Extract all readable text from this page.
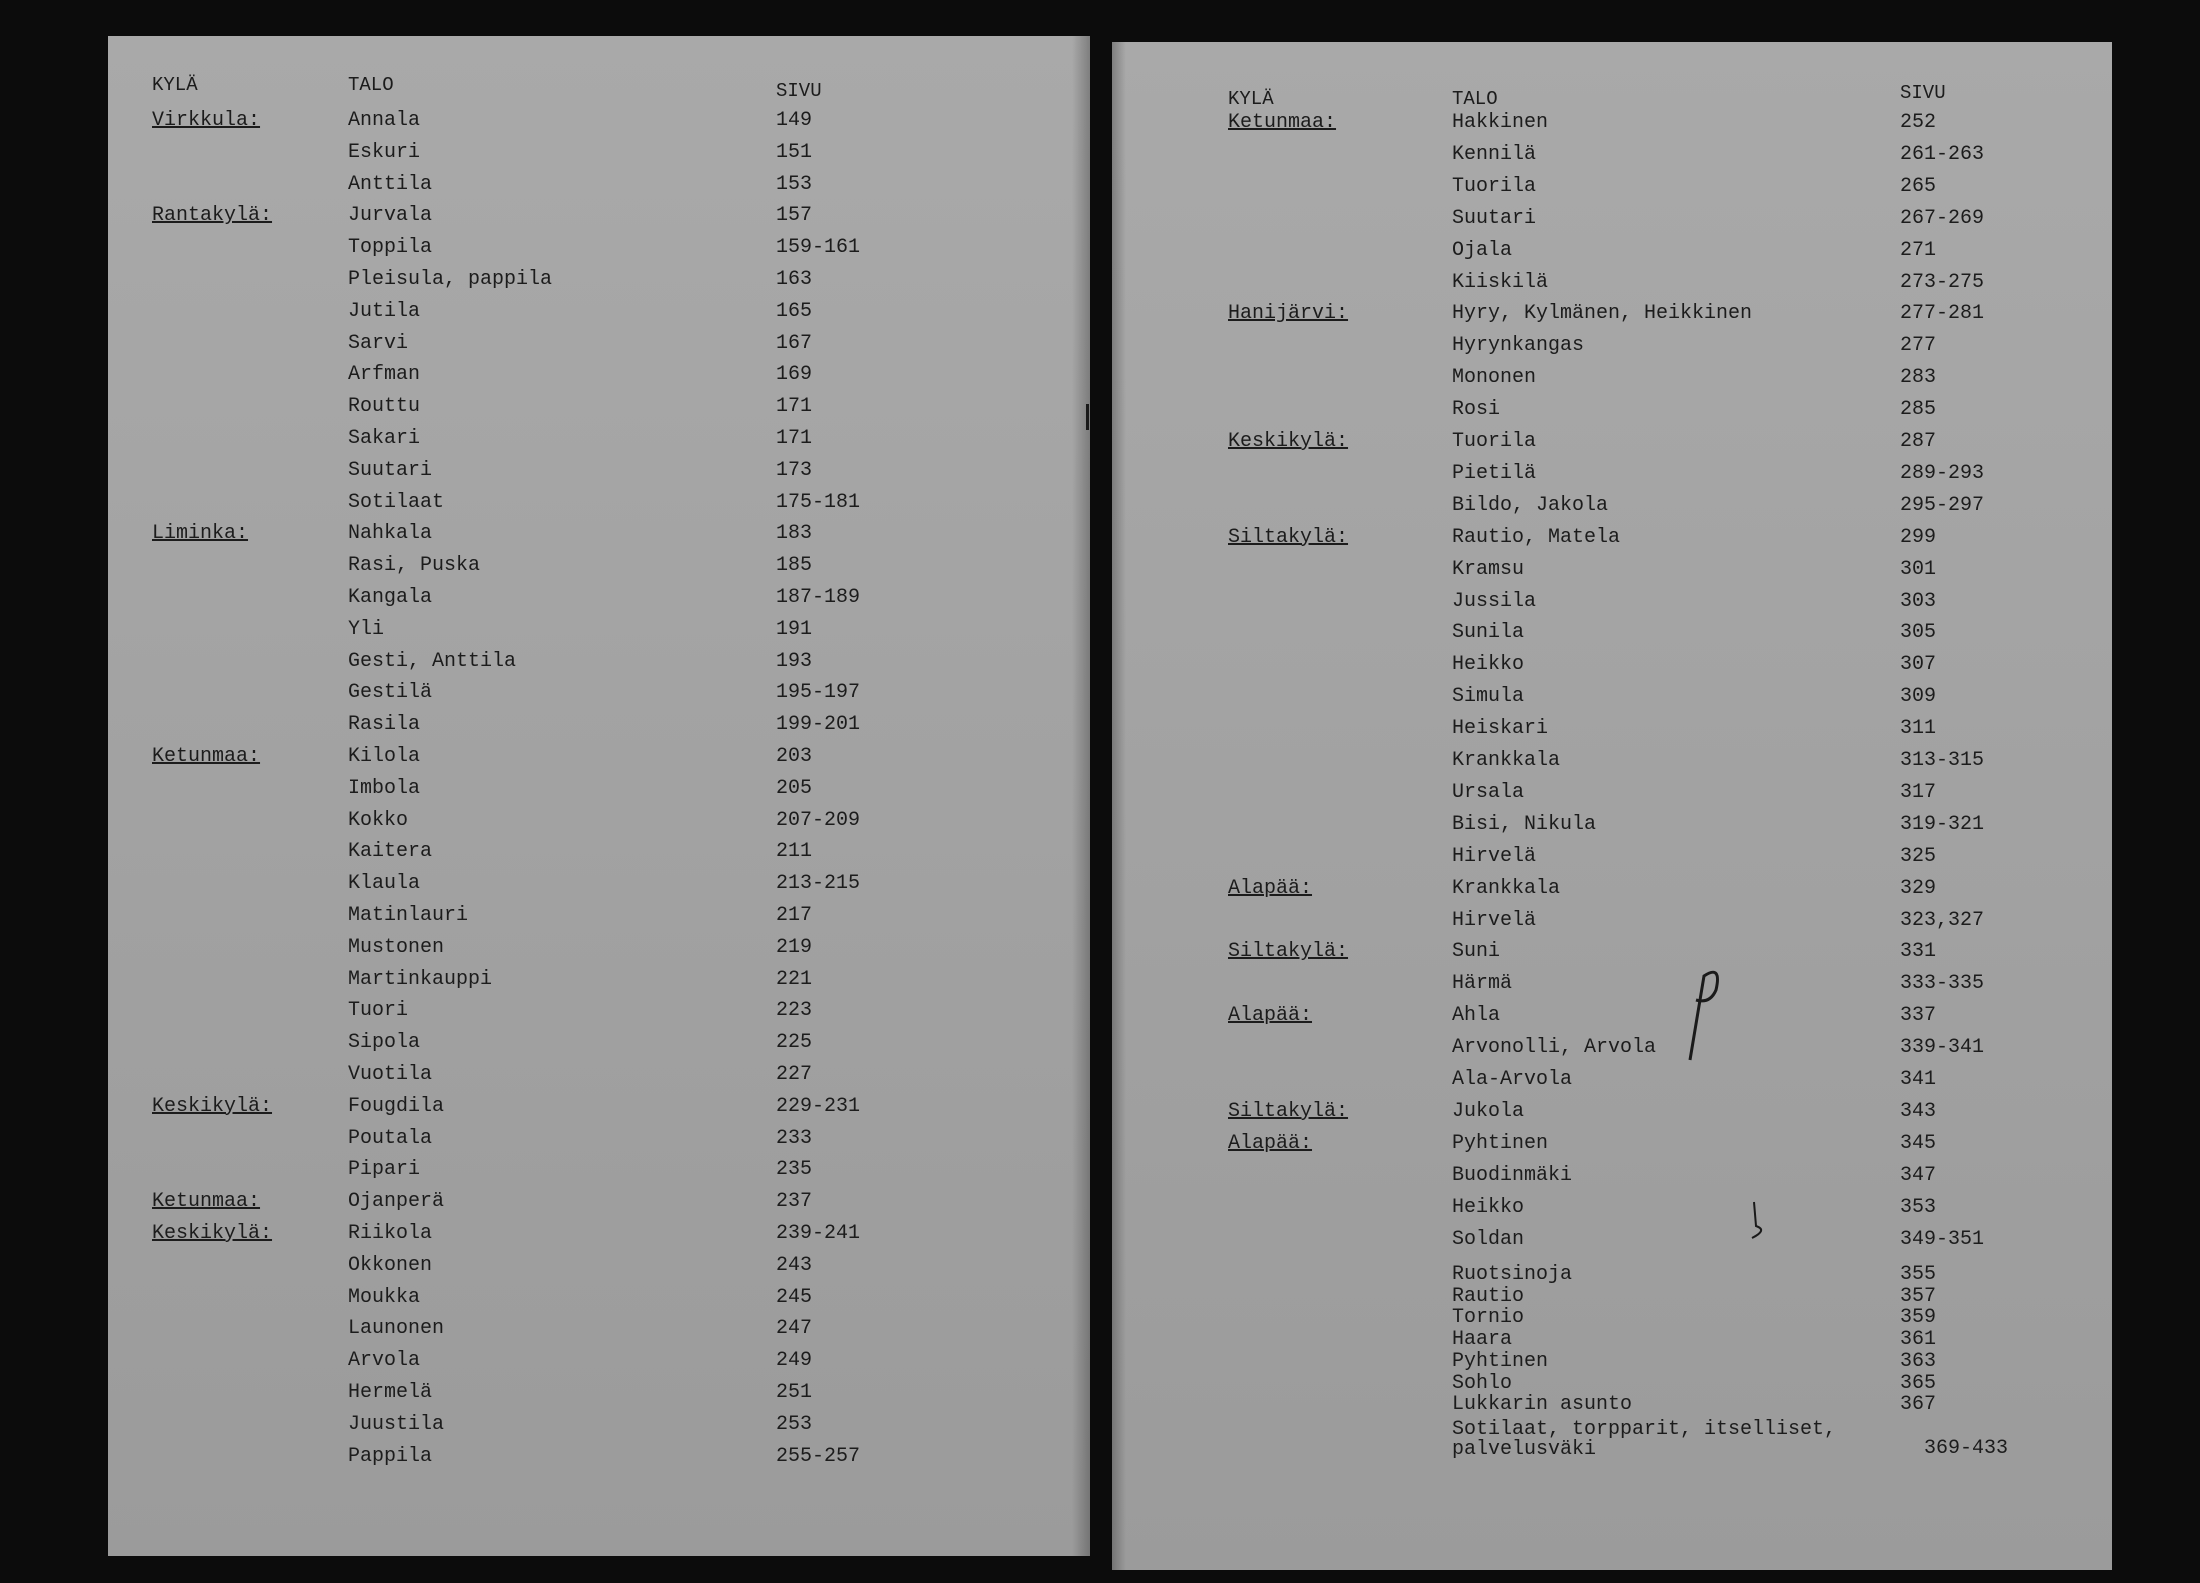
KYLÄ	TALO	SIVU
Virkkula:	Annala	149
Eskuri	151
Anttila	153
Rantakylä:	Jurvala	157
Toppila	159-161
Pleisula, pappila	163
Jutila	165
Sarvi	167
Arfman	169
Routtu	171
Sakari	171
Suutari	173
Sotilaat	175-181
Liminka:	Nahkala	183
Rasi, Puska	185
Kangala	187-189
Yli	191
Gesti, Anttila	193
Gestilä	195-197
Rasila	199-201
Ketunmaa:	Kilola	203
Imbola	205
Kokko	207-209
Kaitera	211
Klaula	213-215
Matinlauri	217
Mustonen	219
Martinkauppi	221
Tuori	223
Sipola	225
Vuotila	227
Keskikylä:	Fougdila	229-231
Poutala	233
Pipari	235
Ketunmaa:	Ojanperä	237
Keskikylä:	Riikola	239-241
Okkonen	243
Moukka	245
Launonen	247
Arvola	249
Hermelä	251
Juustila	253
Pappila	255-257
KYLÄ	TALO	SIVU
Ketunmaa:	Hakkinen	252
Kennilä	261-263
Tuorila	265
Suutari	267-269
Ojala	271
Kiiskilä	273-275
Hanijärvi:	Hyry, Kylmänen, Heikkinen	277-281
Hyrynkangas	277
Mononen	283
Rosi	285
Keskikylä:	Tuorila	287
Pietilä	289-293
Bildo, Jakola	295-297
Siltakylä:	Rautio, Matela	299
Kramsu	301
Jussila	303
Sunila	305
Heikko	307
Simula	309
Heiskari	311
Krankkala	313-315
Ursala	317
Bisi, Nikula	319-321
Hirvelä	325
Alapää:	Krankkala	329
Hirvelä	323,327
Siltakylä:	Suni	331
Härmä	333-335
Alapää:	Ahla	337
Arvonolli, Arvola	339-341
Ala-Arvola	341
Siltakylä:	Jukola	343
Alapää:	Pyhtinen	345
Buodinmäki	347
Heikko	353
Soldan	349-351
Ruotsinoja	355
Rautio	357
Tornio	359
Haara	361
Pyhtinen	363
Sohlo	365
Lukkarin asunto	367
Sotilaat, torpparit, itselliset,
palvelusväki	369-433
